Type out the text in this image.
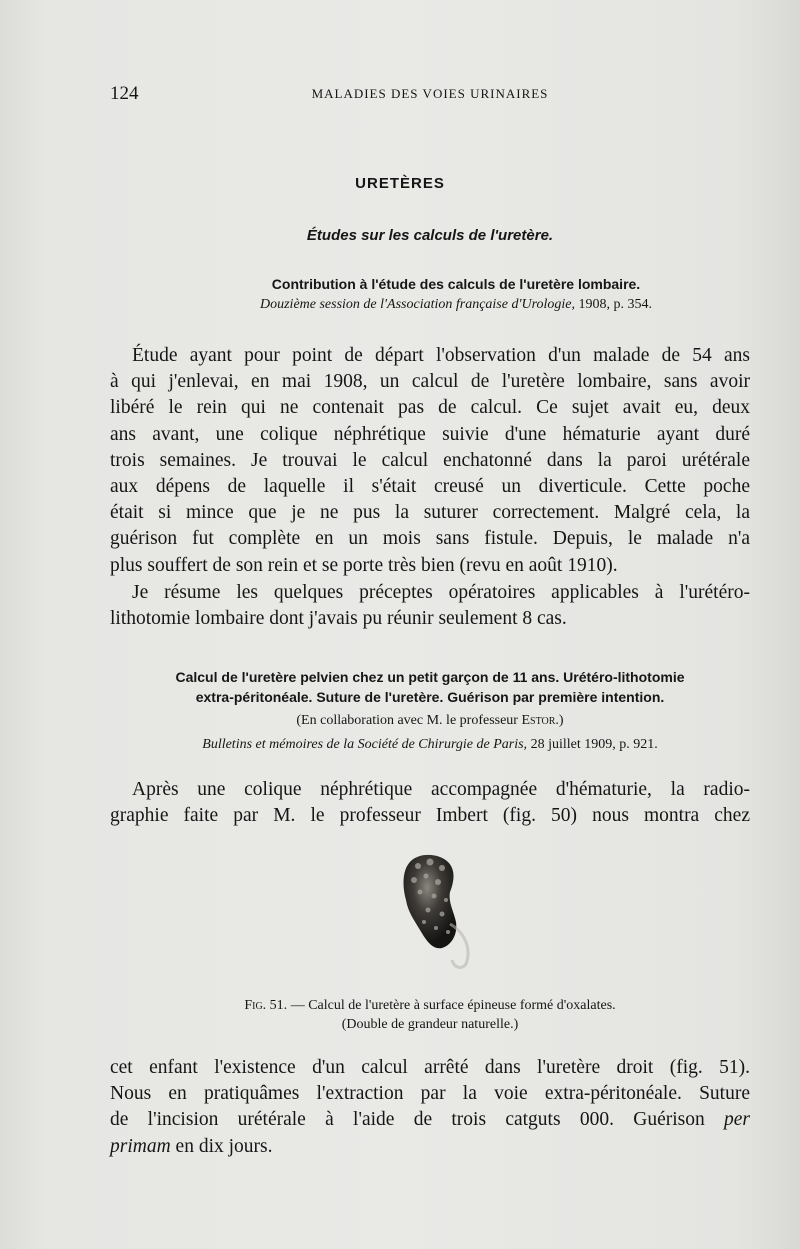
124	MALADIES DES VOIES URINAIRES
URETÈRES
Études sur les calculs de l'uretère.
Contribution à l'étude des calculs de l'uretère lombaire.
Douzième session de l'Association française d'Urologie, 1908, p. 354.
Étude ayant pour point de départ l'observation d'un malade de 54 ans
à qui j'enlevai, en mai 1908, un calcul de l'uretère lombaire, sans avoir
libéré le rein qui ne contenait pas de calcul. Ce sujet avait eu, deux
ans avant, une colique néphrétique suivie d'une hématurie ayant duré
trois semaines. Je trouvai le calcul enchatonné dans la paroi urétérale
aux dépens de laquelle il s'était creusé un diverticule. Cette poche
était si mince que je ne pus la suturer correctement. Malgré cela, la
guérison fut complète en un mois sans fistule. Depuis, le malade n'a
plus souffert de son rein et se porte très bien (revu en août 1910).
Je résume les quelques préceptes opératoires applicables à l'urétéro-
lithotomie lombaire dont j'avais pu réunir seulement 8 cas.
Calcul de l'uretère pelvien chez un petit garçon de 11 ans. Urétéro-lithotomie
extra-péritonéale. Suture de l'uretère. Guérison par première intention.
(En collaboration avec M. le professeur Estor.)
Bulletins et mémoires de la Société de Chirurgie de Paris, 28 juillet 1909, p. 921.
Après une colique néphrétique accompagnée d'hématurie, la radio-
graphie faite par M. le professeur Imbert (fig. 50) nous montra chez
Fig. 51. — Calcul de l'uretère à surface épineuse formé d'oxalates.
(Double de grandeur naturelle.)
cet enfant l'existence d'un calcul arrêté dans l'uretère droit (fig. 51).
Nous en pratiquâmes l'extraction par la voie extra-péritonéale. Suture
de l'incision urétérale à l'aide de trois catguts 000. Guérison per
primam en dix jours.
